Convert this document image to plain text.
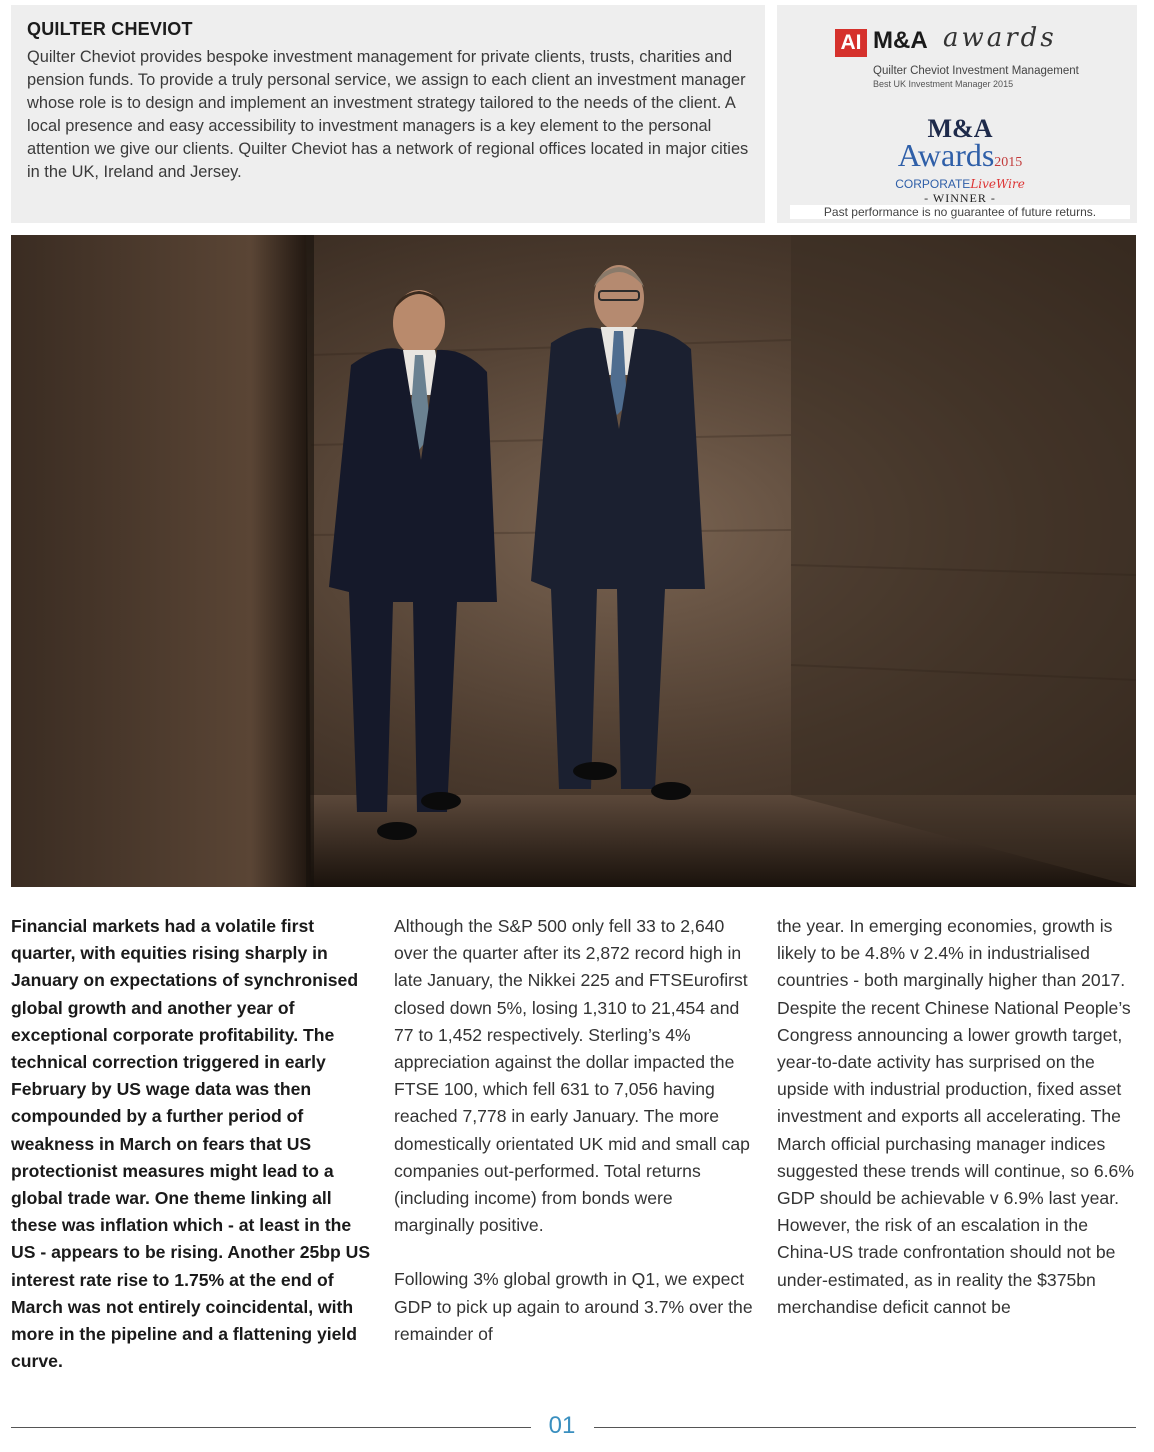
QUILTER CHEVIOT

Quilter Cheviot provides bespoke investment management for private clients, trusts, charities and pension funds. To provide a truly personal service, we assign to each client an investment manager whose role is to design and implement an investment strategy tailored to the needs of the client. A local presence and easy accessibility to investment managers is a key element to the personal attention we give our clients. Quilter Cheviot has a network of regional offices located in major cities in the UK, Ireland and Jersey.

AI M&A awards
Quilter Cheviot Investment Management
Best UK Investment Manager 2015
M&A
Awards2015
CORPORATELiveWire
- WINNER -
Past performance is no guarantee of future returns.
Financial markets had a volatile first quarter, with equities rising sharply in January on expectations of synchronised global growth and another year of exceptional corporate profitability. The technical correction triggered in early February by US wage data was then compounded by a further period of weakness in March on fears that US protectionist measures might lead to a global trade war. One theme linking all these was inflation which - at least in the US - appears to be rising. Another 25bp US interest rate rise to 1.75% at the end of March was not entirely coincidental, with more in the pipeline and a flattening yield curve.

Although the S&P 500 only fell 33 to 2,640 over the quarter after its 2,872 record high in late January, the Nikkei 225 and FTSEurofirst closed down 5%, losing 1,310 to 21,454 and 77 to 1,452 respectively. Sterling’s 4% appreciation against the dollar impacted the FTSE 100, which fell 631 to 7,056 having reached 7,778 in early January. The more domestically orientated UK mid and small cap companies out-performed. Total returns (including income) from bonds were marginally positive.

Following 3% global growth in Q1, we expect GDP to pick up again to around 3.7% over the remainder of

the year. In emerging economies, growth is likely to be 4.8% v 2.4% in industrialised countries - both marginally higher than 2017. Despite the recent Chinese National People’s Congress announcing a lower growth target, year-to-date activity has surprised on the upside with industrial production, fixed asset investment and exports all accelerating. The March official purchasing manager indices suggested these trends will continue, so 6.6% GDP should be achievable v 6.9% last year. However, the risk of an escalation in the China-US trade confrontation should not be under-estimated, as in reality the $375bn merchandise deficit cannot be

01
